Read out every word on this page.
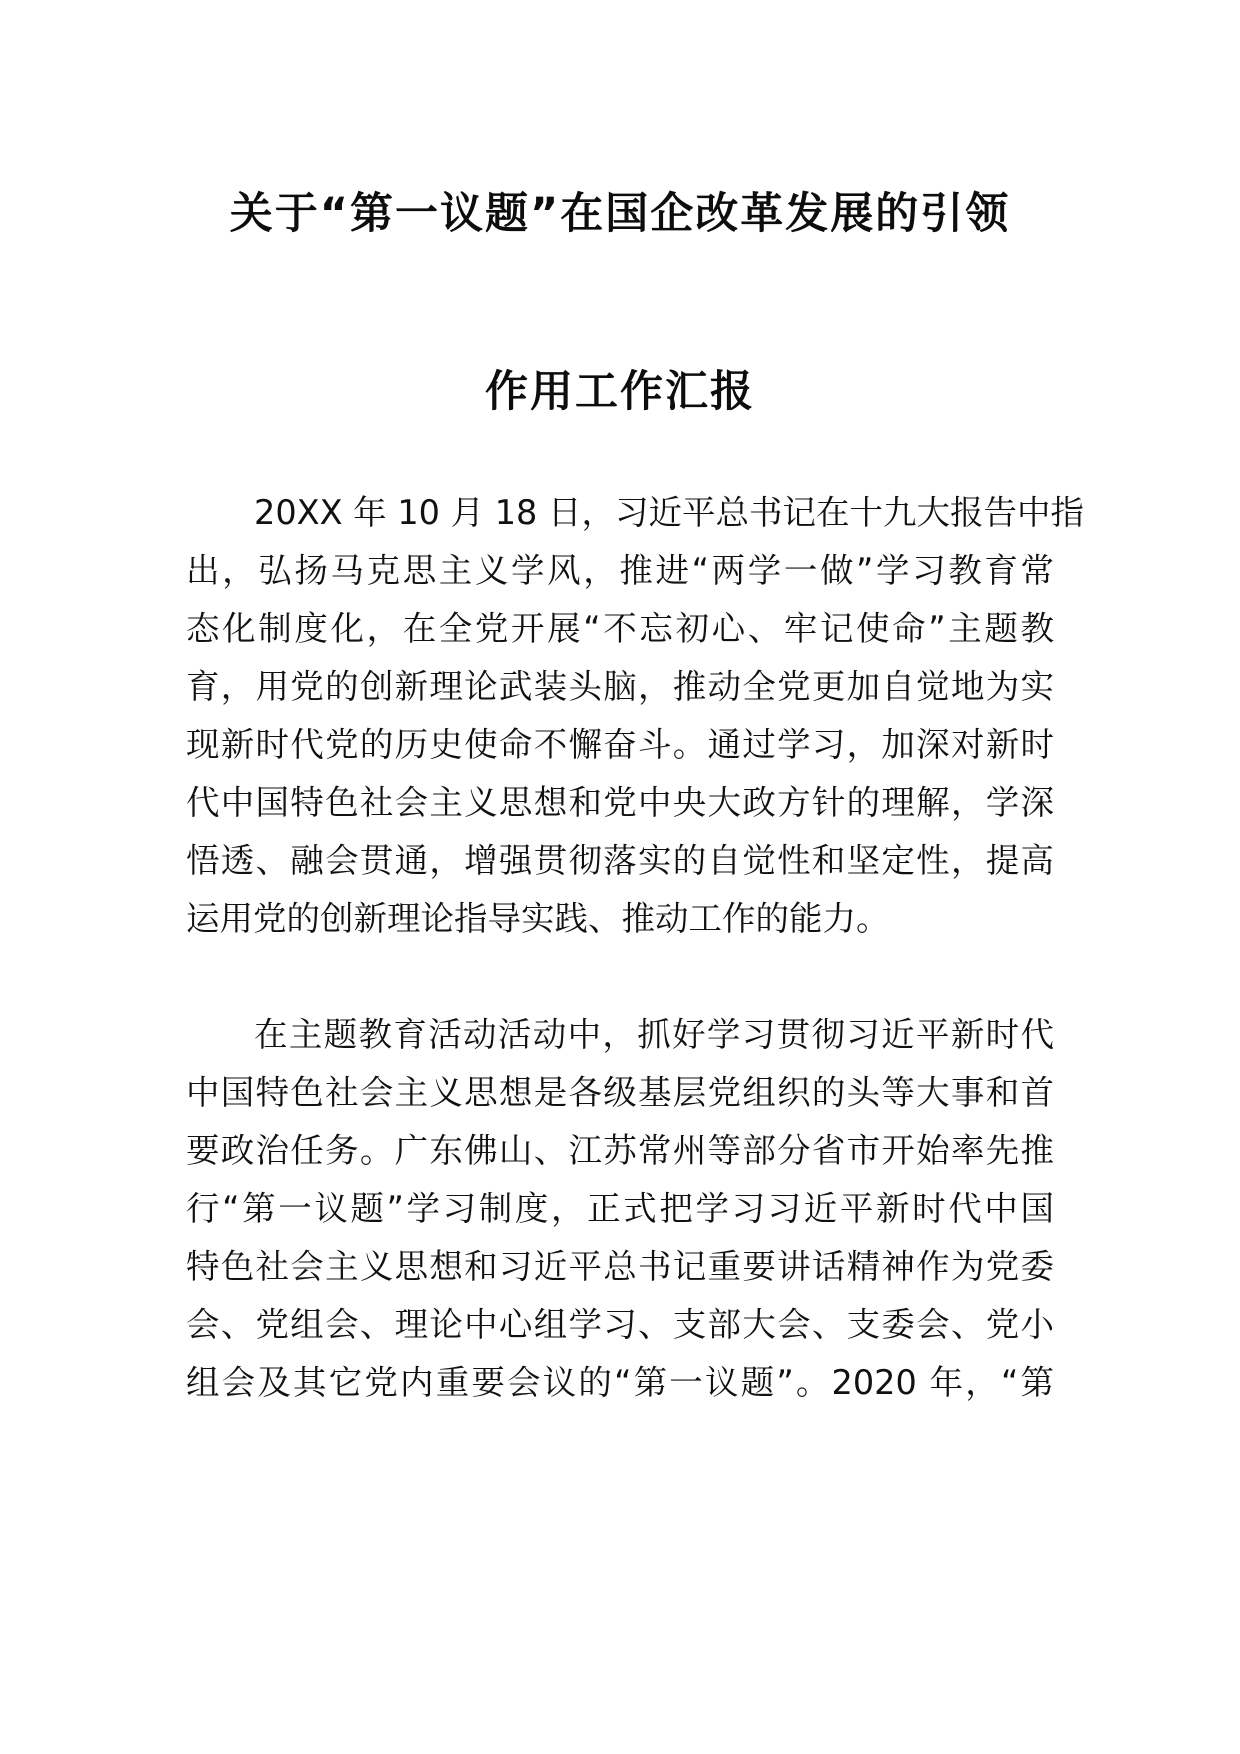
关于“第一议题”在国企改革发展的引领
作用工作汇报
20XX 年 10 月 18 日，习近平总书记在十九大报告中指
出，弘扬马克思主义学风，推进“两学一做”学习教育常
态化制度化，在全党开展“不忘初心、牢记使命”主题教
育，用党的创新理论武装头脑，推动全党更加自觉地为实
现新时代党的历史使命不懈奋斗。通过学习，加深对新时
代中国特色社会主义思想和党中央大政方针的理解，学深
悟透、融会贯通，增强贯彻落实的自觉性和坚定性，提高
运用党的创新理论指导实践、推动工作的能力。
在主题教育活动活动中，抓好学习贯彻习近平新时代
中国特色社会主义思想是各级基层党组织的头等大事和首
要政治任务。广东佛山、江苏常州等部分省市开始率先推
行“第一议题”学习制度，正式把学习习近平新时代中国
特色社会主义思想和习近平总书记重要讲话精神作为党委
会、党组会、理论中心组学习、支部大会、支委会、党小
组会及其它党内重要会议的“第一议题”。2020 年，“第
